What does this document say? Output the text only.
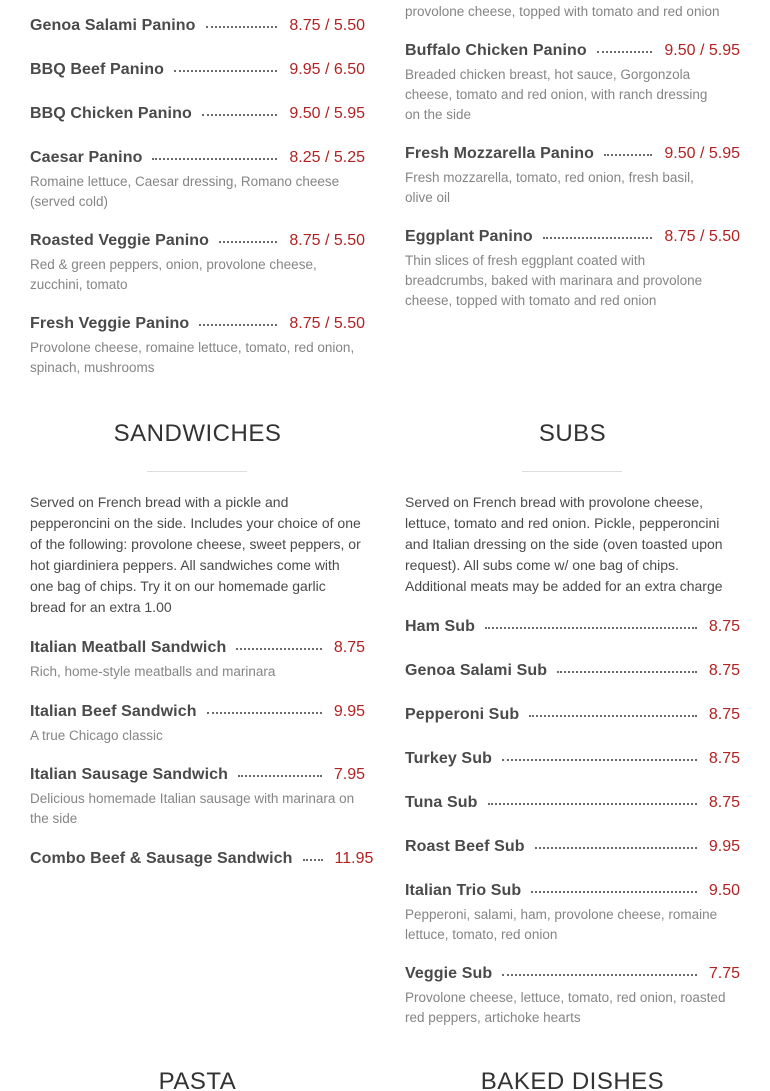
Genoa Salami Panino	8.75 / 5.50
BBQ Beef Panino	9.95 / 6.50
BBQ Chicken Panino	9.50 / 5.95
Caesar Panino	8.25 / 5.25
Romaine lettuce, Caesar dressing, Romano cheese (served cold)
Roasted Veggie Panino	8.75 / 5.50
Red & green peppers, onion, provolone cheese, zucchini, tomato
Fresh Veggie Panino	8.75 / 5.50
Provolone cheese, romaine lettuce, tomato, red onion, spinach, mushrooms
provolone cheese, topped with tomato and red onion
Buffalo Chicken Panino	9.50 / 5.95
Breaded chicken breast, hot sauce, Gorgonzola cheese, tomato and red onion, with ranch dressing on the side
Fresh Mozzarella Panino	9.50 / 5.95
Fresh mozzarella, tomato, red onion, fresh basil, olive oil
Eggplant Panino	8.75 / 5.50
Thin slices of fresh eggplant coated with breadcrumbs, baked with marinara and provolone cheese, topped with tomato and red onion
SANDWICHES

Served on French bread with a pickle and pepperoncini on the side. Includes your choice of one of the following: provolone cheese, sweet peppers, or hot giardiniera peppers. All sandwiches come with one bag of chips. Try it on our homemade garlic bread for an extra 1.00

Italian Meatball Sandwich	8.75
Rich, home-style meatballs and marinara
Italian Beef Sandwich	9.95
A true Chicago classic
Italian Sausage Sandwich	7.95
Delicious homemade Italian sausage with marinara on the side
Combo Beef & Sausage Sandwich	11.95
SUBS

Served on French bread with provolone cheese, lettuce, tomato and red onion. Pickle, pepperoncini and Italian dressing on the side (oven toasted upon request). All subs come w/ one bag of chips. Additional meats may be added for an extra charge

Ham Sub	8.75
Genoa Salami Sub	8.75
Pepperoni Sub	8.75
Turkey Sub	8.75
Tuna Sub	8.75
Roast Beef Sub	9.95
Italian Trio Sub	9.50
Pepperoni, salami, ham, provolone cheese, romaine lettuce, tomato, red onion
Veggie Sub	7.75
Provolone cheese, lettuce, tomato, red onion, roasted red peppers, artichoke hearts
PASTA	BAKED DISHES
